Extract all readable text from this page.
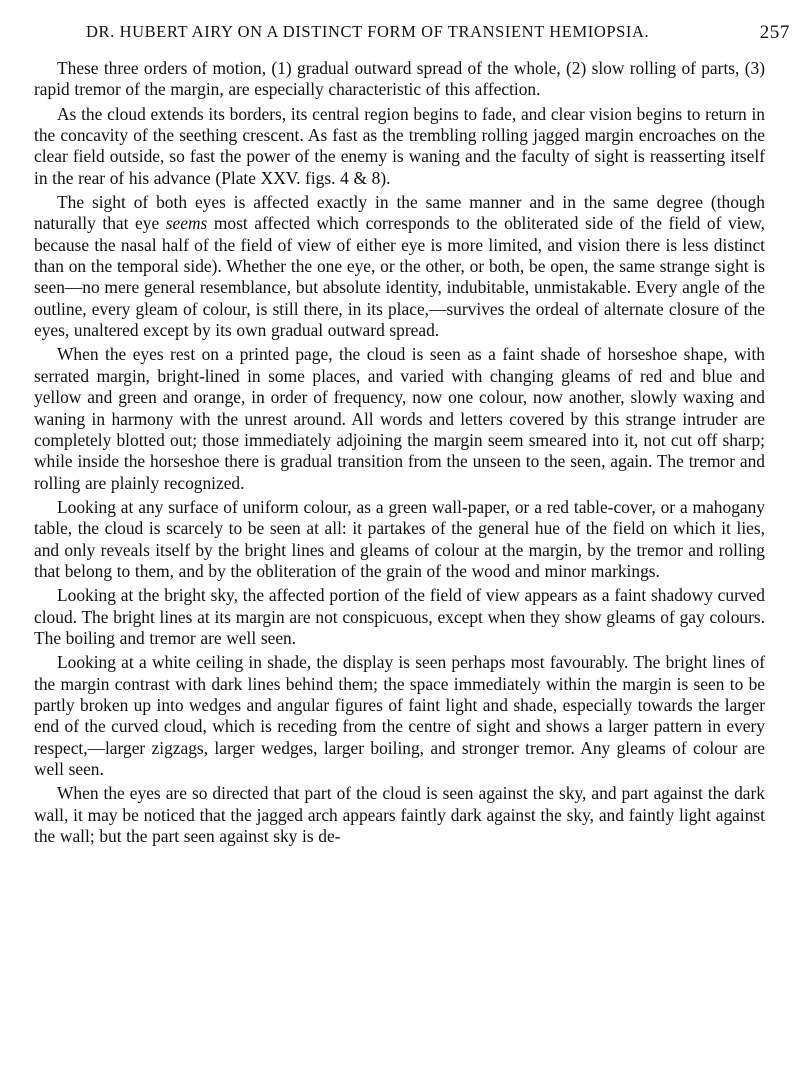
DR. HUBERT AIRY ON A DISTINCT FORM OF TRANSIENT HEMIOPSIA.	257

These three orders of motion, (1) gradual outward spread of the whole, (2) slow rolling of parts, (3) rapid tremor of the margin, are especially characteristic of this affection.

As the cloud extends its borders, its central region begins to fade, and clear vision begins to return in the concavity of the seething crescent. As fast as the trembling rolling jagged margin encroaches on the clear field outside, so fast the power of the enemy is waning and the faculty of sight is reasserting itself in the rear of his advance (Plate XXV. figs. 4 & 8).

The sight of both eyes is affected exactly in the same manner and in the same degree (though naturally that eye seems most affected which corresponds to the obliterated side of the field of view, because the nasal half of the field of view of either eye is more limited, and vision there is less distinct than on the temporal side). Whether the one eye, or the other, or both, be open, the same strange sight is seen—no mere general resemblance, but absolute identity, indubitable, unmistakable. Every angle of the outline, every gleam of colour, is still there, in its place,—survives the ordeal of alternate closure of the eyes, unaltered except by its own gradual outward spread.

When the eyes rest on a printed page, the cloud is seen as a faint shade of horseshoe shape, with serrated margin, bright-lined in some places, and varied with changing gleams of red and blue and yellow and green and orange, in order of frequency, now one colour, now another, slowly waxing and waning in harmony with the unrest around. All words and letters covered by this strange intruder are completely blotted out; those immediately adjoining the margin seem smeared into it, not cut off sharp; while inside the horseshoe there is gradual transition from the unseen to the seen, again. The tremor and rolling are plainly recognized.

Looking at any surface of uniform colour, as a green wall-paper, or a red table-cover, or a mahogany table, the cloud is scarcely to be seen at all: it partakes of the general hue of the field on which it lies, and only reveals itself by the bright lines and gleams of colour at the margin, by the tremor and rolling that belong to them, and by the obliteration of the grain of the wood and minor markings.

Looking at the bright sky, the affected portion of the field of view appears as a faint shadowy curved cloud. The bright lines at its margin are not conspicuous, except when they show gleams of gay colours. The boiling and tremor are well seen.

Looking at a white ceiling in shade, the display is seen perhaps most favourably. The bright lines of the margin contrast with dark lines behind them; the space immediately within the margin is seen to be partly broken up into wedges and angular figures of faint light and shade, especially towards the larger end of the curved cloud, which is receding from the centre of sight and shows a larger pattern in every respect,—larger zigzags, larger wedges, larger boiling, and stronger tremor. Any gleams of colour are well seen.

When the eyes are so directed that part of the cloud is seen against the sky, and part against the dark wall, it may be noticed that the jagged arch appears faintly dark against the sky, and faintly light against the wall; but the part seen against sky is de-
